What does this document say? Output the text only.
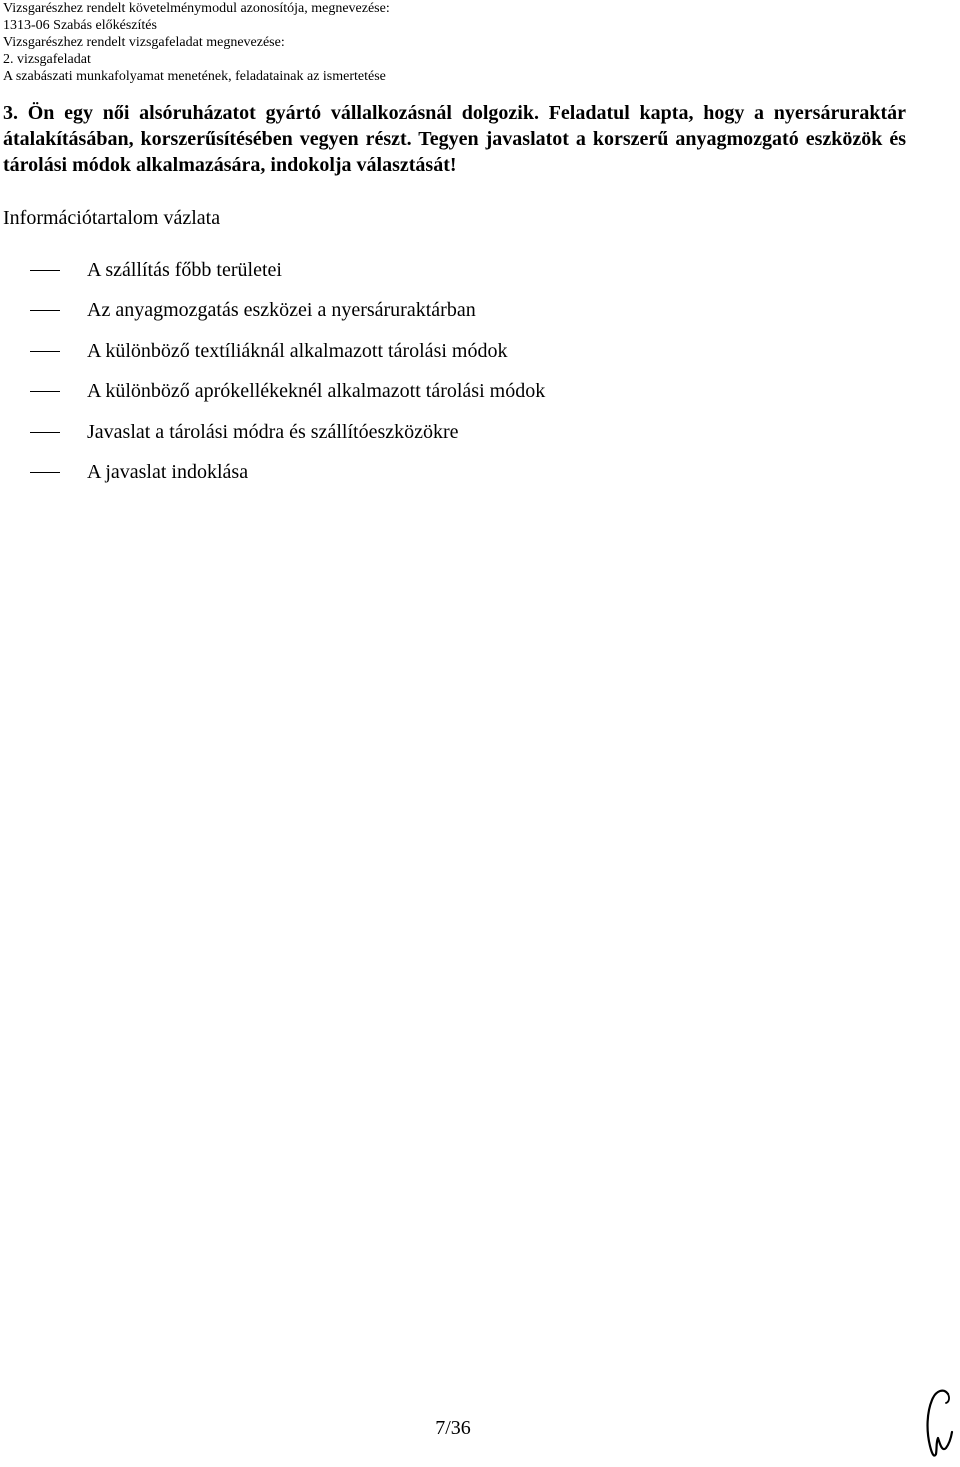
Vizsgarészhez rendelt követelménymodul azonosítója, megnevezése:
1313-06 Szabás előkészítés
Vizsgarészhez rendelt vizsgafeladat megnevezése:
2. vizsgafeladat
A szabászati munkafolyamat menetének, feladatainak az ismertetése
3. Ön egy női alsóruházatot gyártó vállalkozásnál dolgozik. Feladatul kapta, hogy a nyersáruraktár átalakításában, korszerűsítésében vegyen részt. Tegyen javaslatot a korszerű anyagmozgató eszközök és tárolási módok alkalmazására, indokolja választását!
Információtartalom vázlata
A szállítás főbb területei
Az anyagmozgatás eszközei a nyersáruraktárban
A különböző textíliáknál alkalmazott tárolási módok
A különböző aprókellékeknél alkalmazott tárolási módok
Javaslat a tárolási módra és szállítóeszközökre
A javaslat indoklása
7/36
